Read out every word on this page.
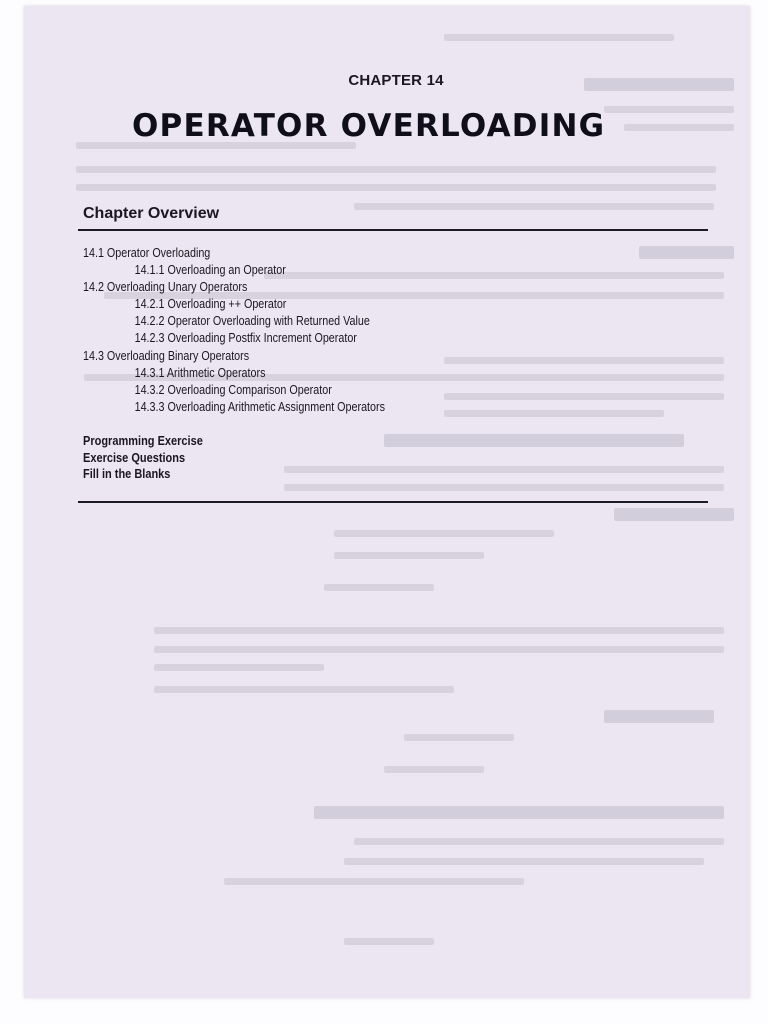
CHAPTER 14
OPERATOR OVERLOADING
Chapter Overview
14.1 Operator Overloading
14.1.1 Overloading an Operator
14.2 Overloading Unary Operators
14.2.1 Overloading ++ Operator
14.2.2 Operator Overloading with Returned Value
14.2.3 Overloading Postfix Increment Operator
14.3 Overloading Binary Operators
14.3.1 Arithmetic Operators
14.3.2 Overloading Comparison Operator
14.3.3 Overloading Arithmetic Assignment Operators
Programming Exercise
Exercise Questions
Fill in the Blanks
